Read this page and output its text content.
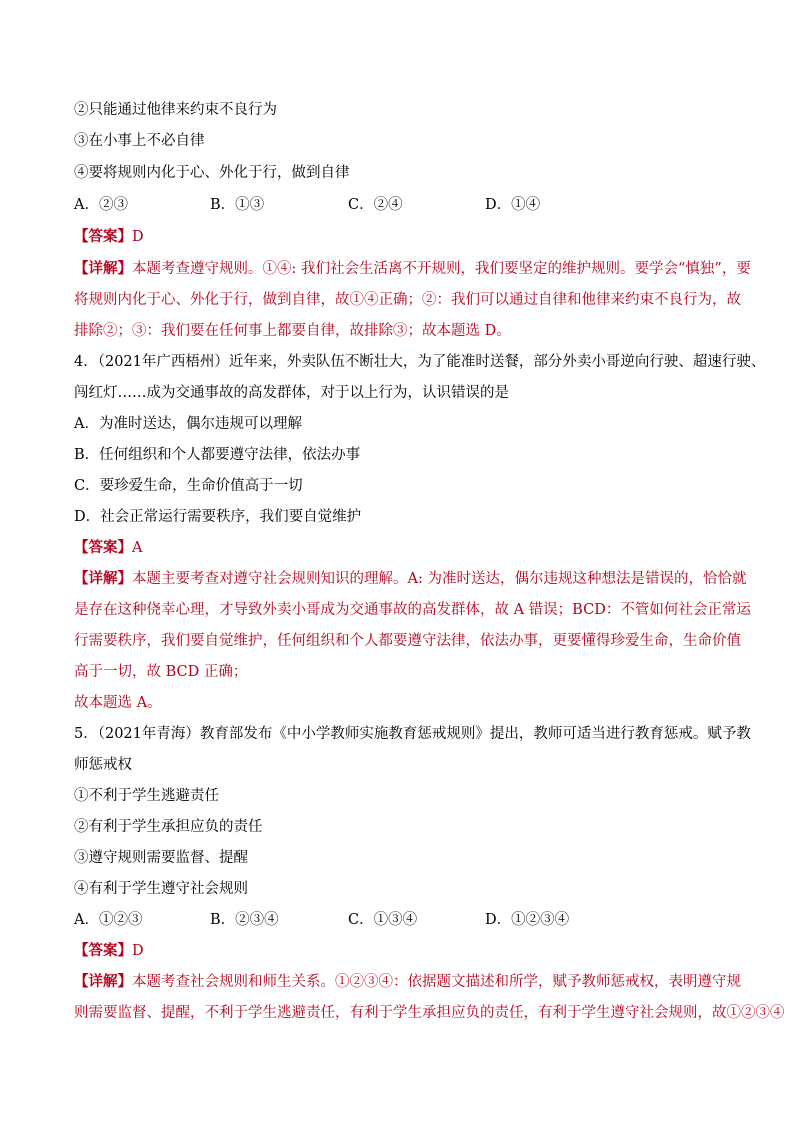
②只能通过他律来约束不良行为
③在小事上不必自律
④要将规则内化于心、外化于行，做到自律
A．②③	B．①③	C．②④	D．①④
【答案】D
【详解】本题考查遵守规则。①④: 我们社会生活离不开规则，我们要坚定的维护规则。要学会“慎独”，要
将规则内化于心、外化于行，做到自律，故①④正确；②：我们可以通过自律和他律来约束不良行为，故
排除②；③：我们要在任何事上都要自律，故排除③；故本题选 D。
4．（2021年广西梧州）近年来，外卖队伍不断壮大，为了能准时送餐，部分外卖小哥逆向行驶、超速行驶、
闯红灯……成为交通事故的高发群体，对于以上行为，认识错误的是
A．为准时送达，偶尔违规可以理解
B．任何组织和个人都要遵守法律，依法办事
C．要珍爱生命，生命价值高于一切
D．社会正常运行需要秩序，我们要自觉维护
【答案】A
【详解】本题主要考查对遵守社会规则知识的理解。A: 为准时送达，偶尔违规这种想法是错误的，恰恰就
是存在这种侥幸心理，才导致外卖小哥成为交通事故的高发群体，故 A 错误；BCD：不管如何社会正常运
行需要秩序，我们要自觉维护，任何组织和个人都要遵守法律，依法办事，更要懂得珍爱生命，生命价值
高于一切，故 BCD 正确；
故本题选 A。
5．（2021年青海）教育部发布《中小学教师实施教育惩戒规则》提出，教师可适当进行教育惩戒。赋予教
师惩戒权
①不利于学生逃避责任
②有利于学生承担应负的责任
③遵守规则需要监督、提醒
④有利于学生遵守社会规则
A．①②③	B．②③④	C．①③④	D．①②③④
【答案】D
【详解】本题考查社会规则和师生关系。①②③④：依据题文描述和所学，赋予教师惩戒权，表明遵守规
则需要监督、提醒，不利于学生逃避责任，有利于学生承担应负的责任，有利于学生遵守社会规则，故①②③④
